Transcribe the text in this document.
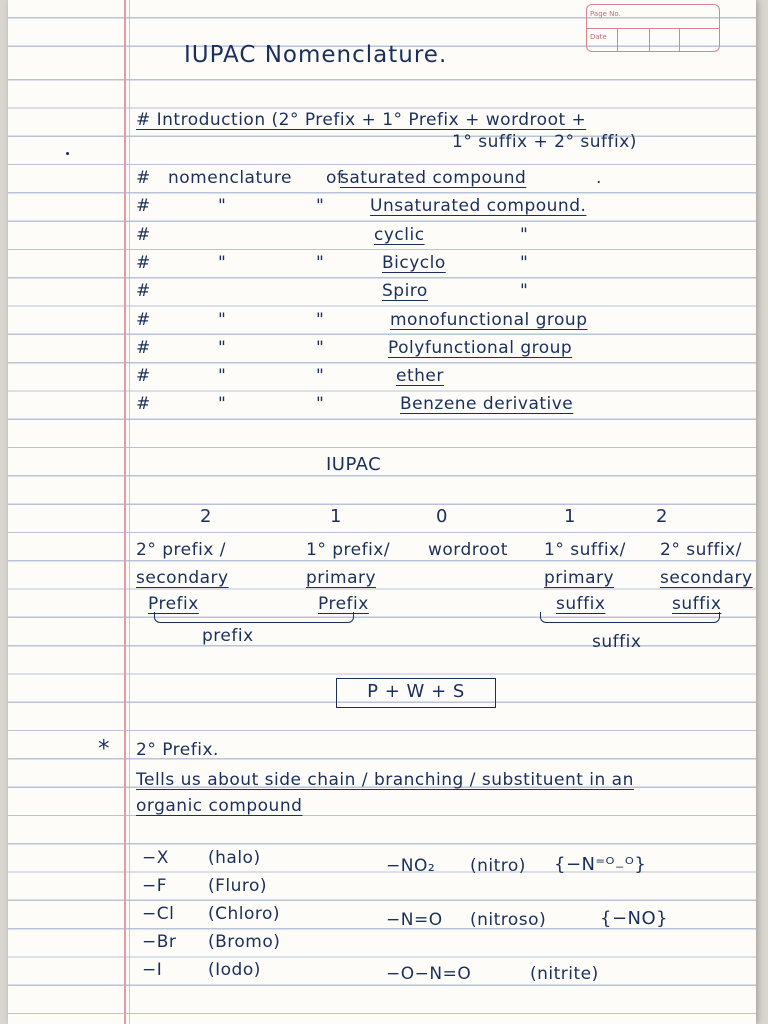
Page No.
Date
IUPAC Nomenclature.
# Introduction (2° Prefix + 1° Prefix + wordroot +
1° suffix + 2° suffix)
# nomenclature of
saturated compound	.
#	"	"	Unsaturated compound.
#	cyclic	"
#	"	"	Bicyclo	"
#	Spiro	"
#	"	"	monofunctional group
#	"	"	Polyfunctional group
#	"	"	ether
#	"	"	Benzene derivative
IUPAC
2
2° prefix /
secondary
Prefix
1
1° prefix/
primary
Prefix
0
wordroot
1
1° suffix/
primary
suffix
2
2° suffix/
secondary
suffix
prefix	suffix
P + W + S
* 2° Prefix.
Tells us about side chain / branching / substituent in an
organic compound
−X (halo)
−F (Fluro)
−Cl (Chloro)
−Br (Bromo)
−I	(Iodo)
−NO₂ (nitro) {−N⁼ᴼ₋ᴼ}
−N=O (nitroso)	{−NO}
−O−N=O	(nitrite)
